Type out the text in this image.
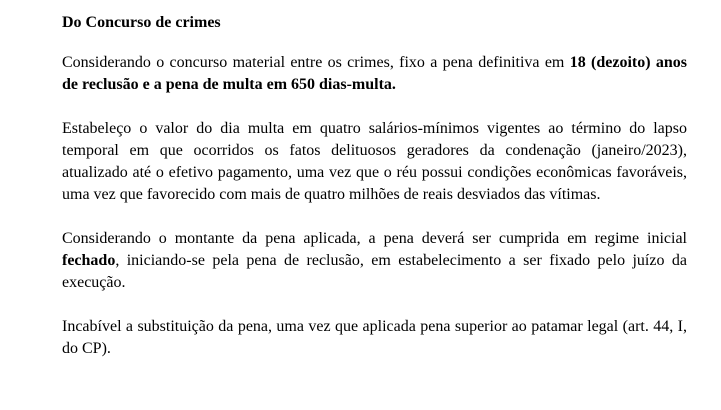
Do Concurso de crimes

Considerando o concurso material entre os crimes, fixo a pena definitiva em 18 (dezoito) anos de reclusão e a pena de multa em 650 dias-multa.

Estabeleço o valor do dia multa em quatro salários-mínimos vigentes ao término do lapso temporal em que ocorridos os fatos delituosos geradores da condenação (janeiro/2023), atualizado até o efetivo pagamento, uma vez que o réu possui condições econômicas favoráveis, uma vez que favorecido com mais de quatro milhões de reais desviados das vítimas.

Considerando o montante da pena aplicada, a pena deverá ser cumprida em regime inicial fechado, iniciando-se pela pena de reclusão, em estabelecimento a ser fixado pelo juízo da execução.

Incabível a substituição da pena, uma vez que aplicada pena superior ao patamar legal (art. 44, I, do CP).
